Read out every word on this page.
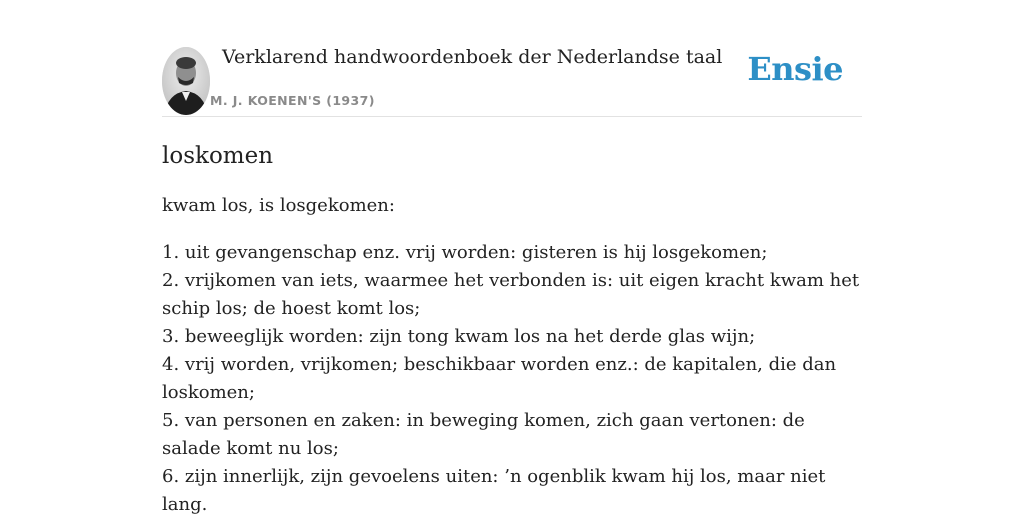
Verklarend handwoordenboek der Nederlandse taal
M. J. KOENEN'S (1937)
Ensie
loskomen

kwam los, is losgekomen:

1. uit gevangenschap enz. vrij worden: gisteren is hij losgekomen;
2. vrijkomen van iets, waarmee het verbonden is: uit eigen kracht kwam het schip los; de hoest komt los;
3. beweeglijk worden: zijn tong kwam los na het derde glas wijn;
4. vrij worden, vrijkomen; beschikbaar worden enz.: de kapitalen, die dan loskomen;
5. van personen en zaken: in beweging komen, zich gaan vertonen: de salade komt nu los;
6. zijn innerlijk, zijn gevoelens uiten: ’n ogenblik kwam hij los, maar niet lang.
